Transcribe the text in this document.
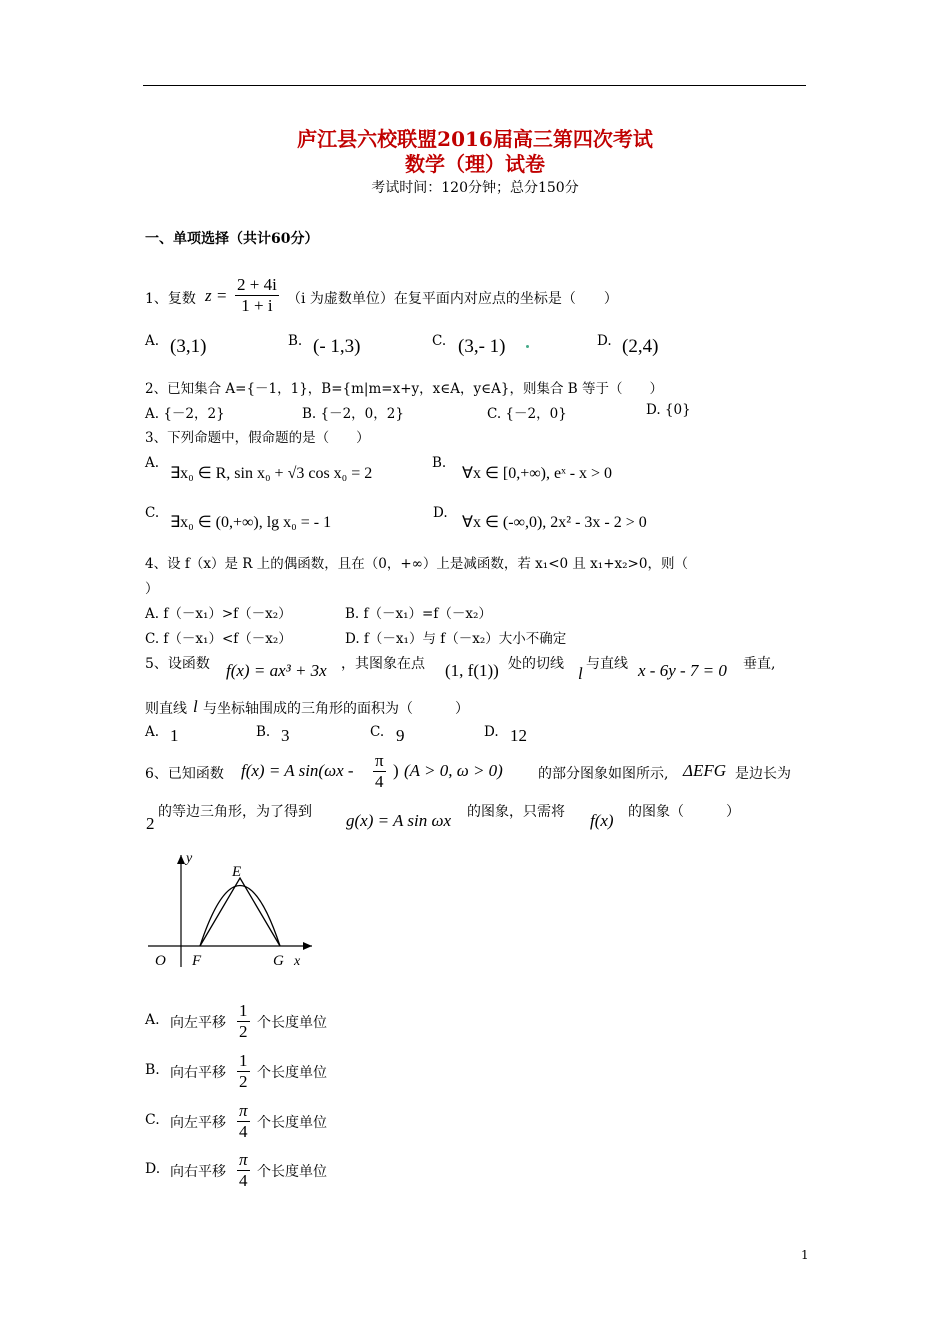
庐江县六校联盟2016届高三第四次考试
数学（理）试卷
考试时间：120分钟；总分150分
一、单项选择（共计60分）
1、复数 $z = \frac{2 + 4i}{1 + i} (i$ 为虚数单位）在复平面内对应点的坐标是（　　）
A. (3,1)	B. (- 1,3)	C. (3,- 1)	D. (2,4)
2、已知集合 A={－1，1}，B={m|m=x+y，x∈A，y∈A}，则集合 B 等于（　　）
A. {－2，2}	B. {－2，0，2}	C. {－2，0}	D. {0}
3、下列命题中，假命题的是（　　）
A.
∃x₀ ∈ R, sin x₀ + √3 cos x₀ = 2
B.
∀x ∈ [0,+∞), eˣ - x > 0
C.
∃x₀ ∈ (0,+∞), lg x₀ = - 1
D.
∀x ∈ (-∞,0), 2x² - 3x - 2 > 0
4、设 f（x）是 R 上的偶函数，且在（0，+∞）上是减函数，若 x₁<0 且 x₁+x₂>0，则（
）
A. f（－x₁）>f（－x₂）	B. f（－x₁）=f（－x₂）
C. f（－x₁）<f（－x₂）	D. f（－x₁）与 f（－x₂）大小不确定
5、设函数 f(x) = ax³ + 3x ，其图象在点 (1, f(1)) 处的切线 l 与直线 x - 6y - 7 = 0 垂直,
则直线 l 与坐标轴围成的三角形的面积为（　　　）
A. 1	B. 3	C. 9	D. 12
6、已知函数 f(x) = A $\sin(\omega x - \frac{\pi}{4}$ ) (A > 0, ω > 0)	的部分图象如图所示, ΔEFG 是边长为
2
的等边三角形，为了得到 g(x) = A sin ωx 的图象，只需将 f(x) 的图象（　　　）
y
E
O F	G x
A. 向左平移 $\frac{1}{2}$ 个长度单位
B. 向右平移 $\frac{1}{2}$ 个长度单位
C. 向左平移 $\frac{\pi}{4}$ 个长度单位
D. 向右平移 $\frac{\pi}{4}$ 个长度单位
1
